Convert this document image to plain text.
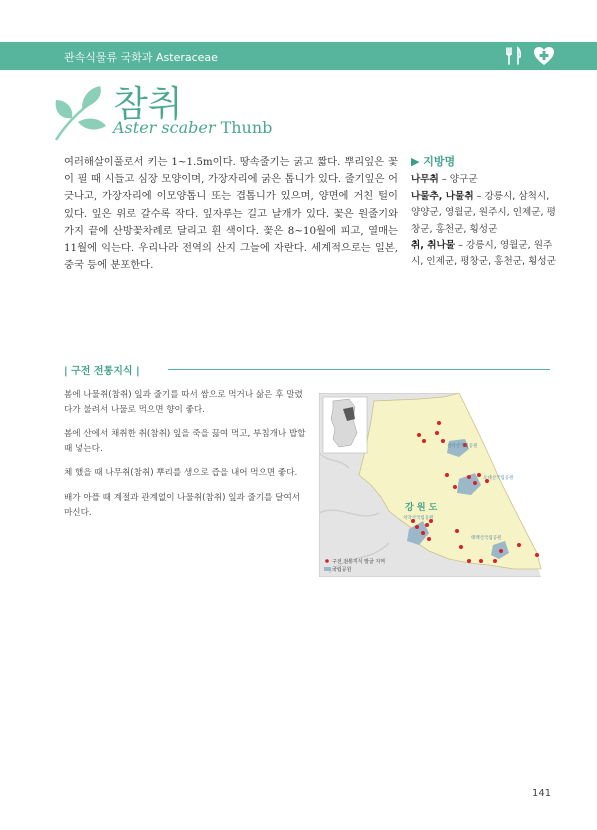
관속식물류 국화과 Asteraceae
참취
Aster scaber Thunb
여러해살이풀로서 키는 1~1.5m이다. 땅속줄기는 굵고 짧다. 뿌리잎은 꽃이 필 때 시들고 심장 모양이며, 가장자리에 굵은 톱니가 있다. 줄기잎은 어긋나고, 가장자리에 이모양톱니 또는 겹톱니가 있으며, 양면에 거친 털이 있다. 잎은 위로 갈수록 작다. 잎자루는 길고 날개가 있다. 꽃은 원줄기와 가지 끝에 산방꽃차례로 달리고 흰 색이다. 꽃은 8~10월에 피고, 열매는 11월에 익는다. 우리나라 전역의 산지 그늘에 자란다. 세계적으로는 일본, 중국 등에 분포한다.
▶ 지방명
나무취 – 양구군
나물추, 나물취 – 강릉시, 삼척시, 양양군, 영월군, 원주시, 인제군, 평창군, 홍천군, 횡성군
취, 취나물 – 강릉시, 영월군, 원주시, 인제군, 평창군, 홍천군, 횡성군
| 구전 전통지식 |

봄에 나물취(참취) 잎과 줄기를 따서 쌈으로 먹거나 삶은 후 말렸다가 불려서 나물로 먹으면 향이 좋다.

봄에 산에서 채취한 취(참취) 잎을 죽을 끓여 먹고, 부침개나 밥할 때 넣는다.

체 했을 때 나무취(참취) 뿌리를 생으로 즙을 내어 먹으면 좋다.

배가 아플 때 계절과 관계없이 나물취(참취) 잎과 줄기를 달여서 마신다.	강 원 도
설악산국립공원
오대산국립공원
치악산국립공원
태백산국립공원
구전 전통지식 발굴 지역
국립공원
141
